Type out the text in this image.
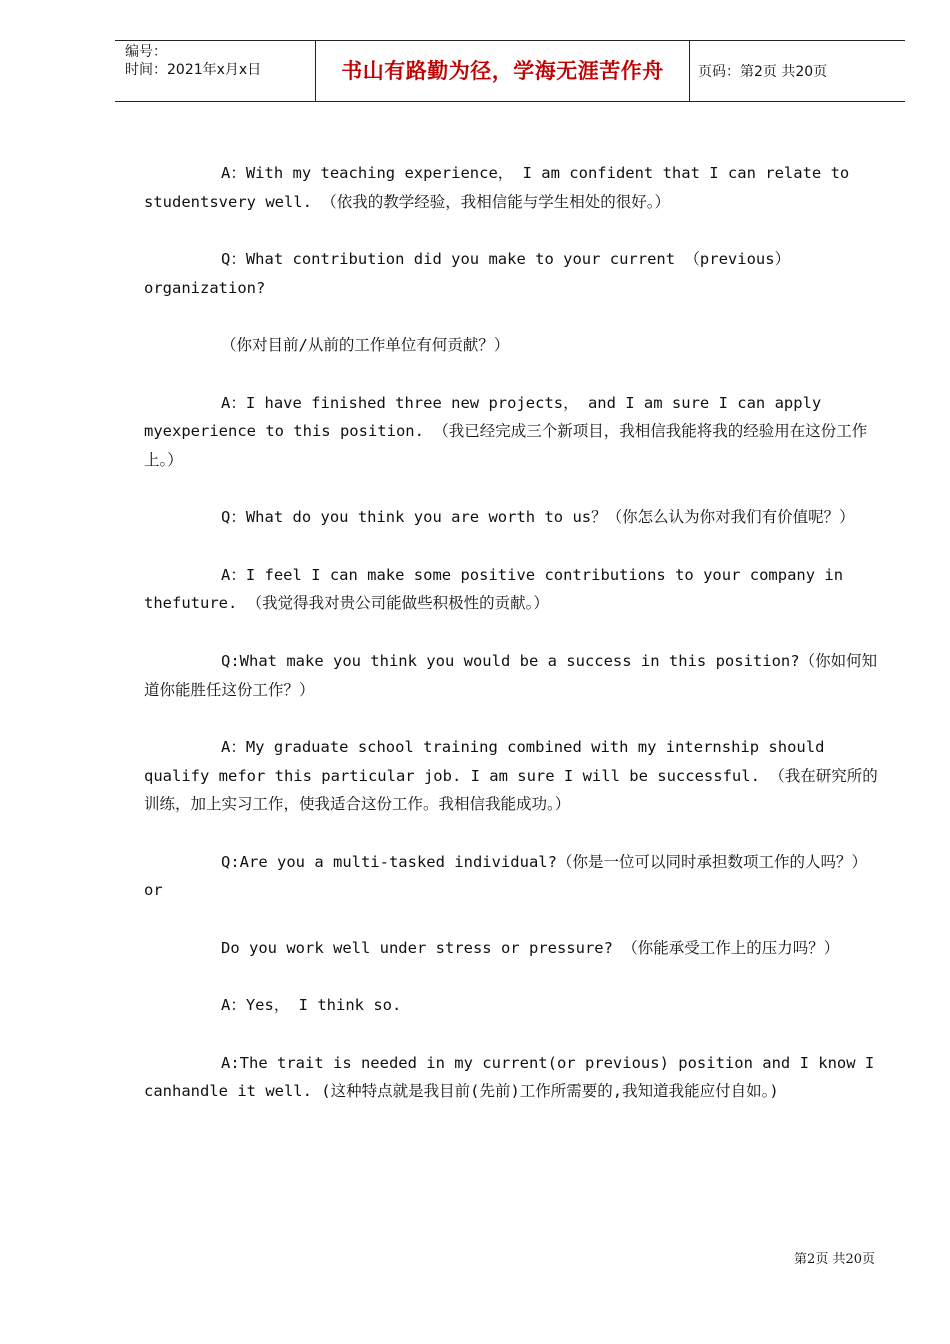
编号：
时间：2021年x月x日	书山有路勤为径，学海无涯苦作舟	页码：第2页 共20页

A：With my teaching experience， I am confident that I can relate to studentsvery well. （依我的教学经验，我相信能与学生相处的很好。）

Q：What contribution did you make to your current （previous） organization?

（你对目前/从前的工作单位有何贡献？）

A：I have finished three new projects， and I am sure I can apply myexperience to this position. （我已经完成三个新项目，我相信我能将我的经验用在这份工作上。）

Q：What do you think you are worth to us？（你怎么认为你对我们有价值呢？）

A：I feel I can make some positive contributions to your company in thefuture. （我觉得我对贵公司能做些积极性的贡献。）

Q:What make you think you would be a success in this position?（你如何知道你能胜任这份工作？）

A：My graduate school training combined with my internship should qualify mefor this particular job. I am sure I will be successful. （我在研究所的训练，加上实习工作，使我适合这份工作。我相信我能成功。）

Q:Are you a multi-tasked individual?（你是一位可以同时承担数项工作的人吗？）or

Do you work well under stress or pressure? （你能承受工作上的压力吗？）

A：Yes， I think so.

A:The trait is needed in my current(or previous) position and I know I canhandle it well. (这种特点就是我目前(先前)工作所需要的,我知道我能应付自如。)

第2页 共20页
